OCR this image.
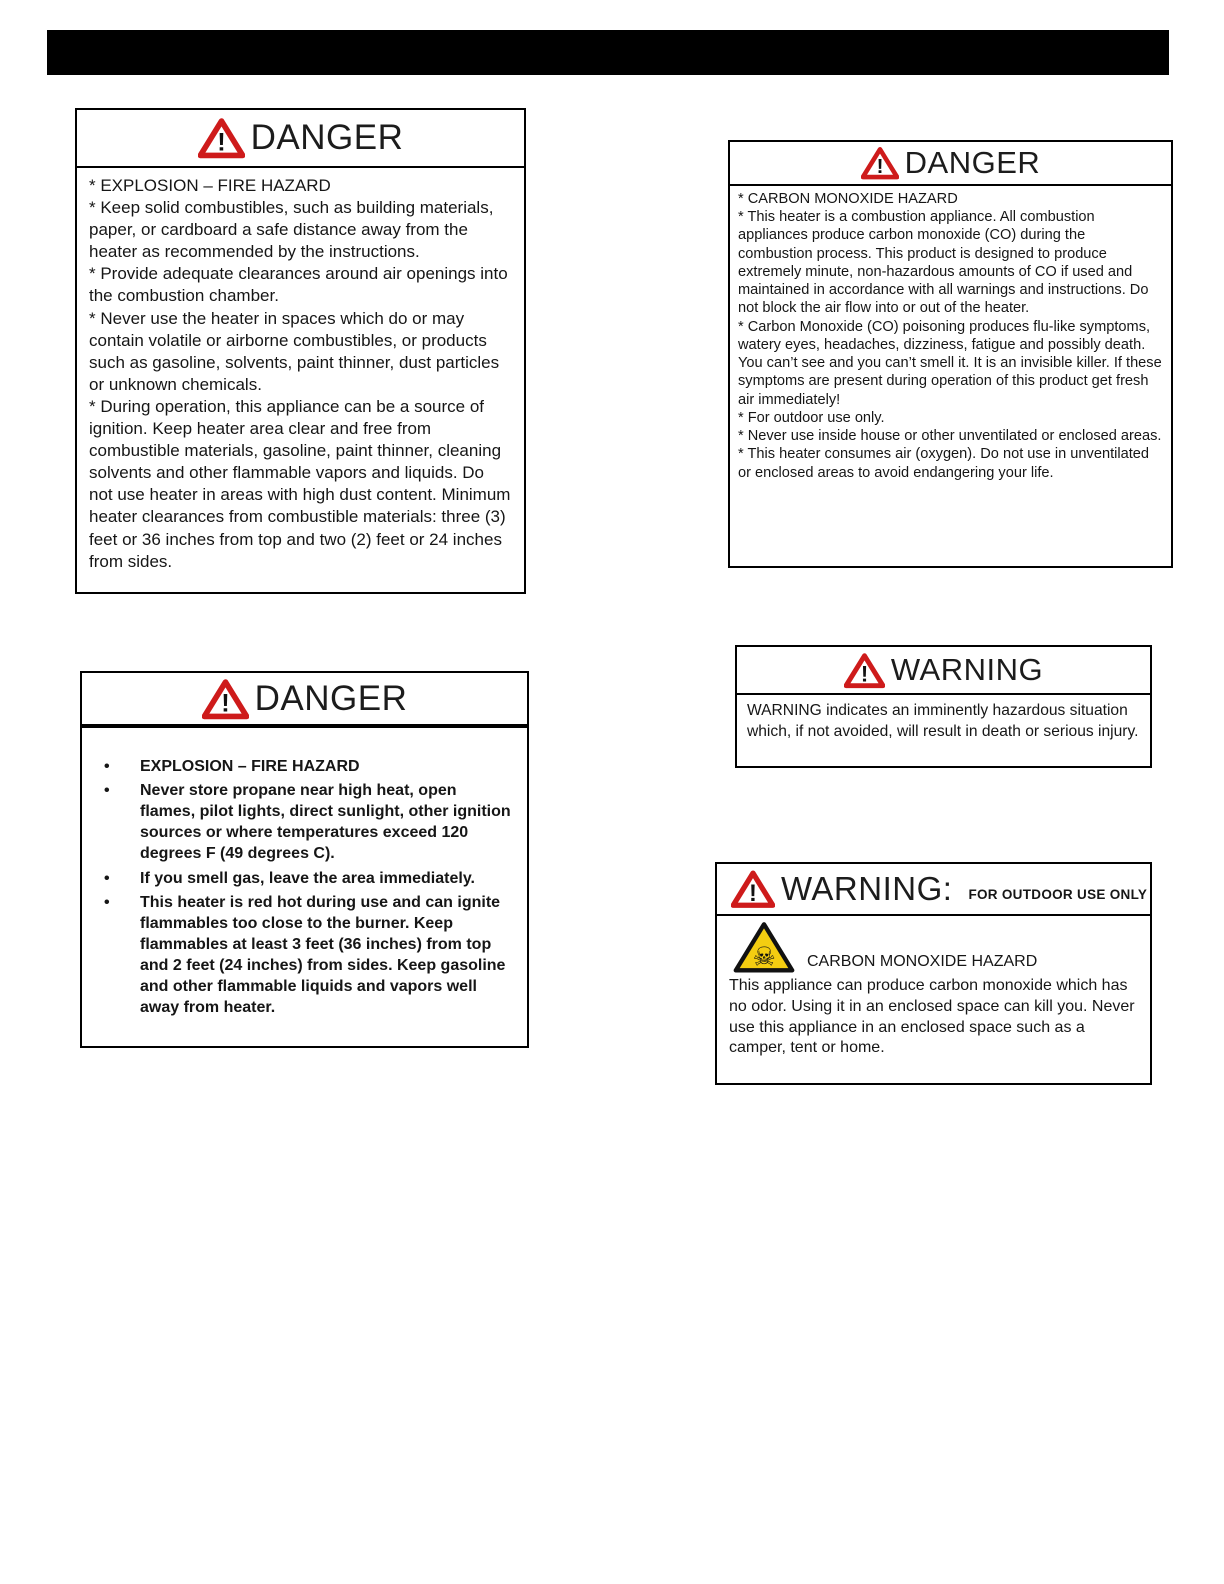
! DANGER

* EXPLOSION – FIRE HAZARD

* Keep solid combustibles, such as building materials, paper, or cardboard a safe distance away from the heater as recommended by the instructions.

* Provide adequate clearances around air openings into the combustion chamber.

* Never use the heater in spaces which do or may contain volatile or airborne combustibles, or products such as gasoline, solvents, paint thinner, dust particles or unknown chemicals.

* During operation, this appliance can be a source of ignition. Keep heater area clear and free from combustible materials, gasoline, paint thinner, cleaning solvents and other flammable vapors and liquids. Do not use heater in areas with high dust content. Minimum heater clearances from combustible materials: three (3) feet or 36 inches from top and two (2) feet or 24 inches from sides.

! DANGER

* CARBON MONOXIDE HAZARD

* This heater is a combustion appliance. All combustion appliances produce carbon monoxide (CO) during the combustion process. This product is designed to produce extremely minute, non-hazardous amounts of CO if used and maintained in accordance with all warnings and instructions. Do not block the air flow into or out of the heater.

* Carbon Monoxide (CO) poisoning produces flu-like symptoms, watery eyes, headaches, dizziness, fatigue and possibly death. You can’t see and you can’t smell it. It is an invisible killer. If these symptoms are present during operation of this product get fresh air immediately!

* For outdoor use only.

* Never use inside house or other unventilated or enclosed areas.

* This heater consumes air (oxygen). Do not use in unventilated or enclosed areas to avoid endangering your life.

! DANGER
• EXPLOSION – FIRE HAZARD
• Never store propane near high heat, open flames, pilot lights, direct sunlight, other ignition sources or where temperatures exceed 120 degrees F (49 degrees C).
• If you smell gas, leave the area immediately.
• This heater is red hot during use and can ignite flammables too close to the burner. Keep flammables at least 3 feet (36 inches) from top and 2 feet (24 inches) from sides. Keep gasoline and other flammable liquids and vapors well away from heater.
! WARNING

WARNING indicates an imminently hazardous situation which, if not avoided, will result in death or serious injury.

! WARNING: FOR OUTDOOR USE ONLY
☠ CARBON MONOXIDE HAZARD

This appliance can produce carbon monoxide which has no odor. Using it in an enclosed space can kill you. Never use this appliance in an enclosed space such as a camper, tent or home.
